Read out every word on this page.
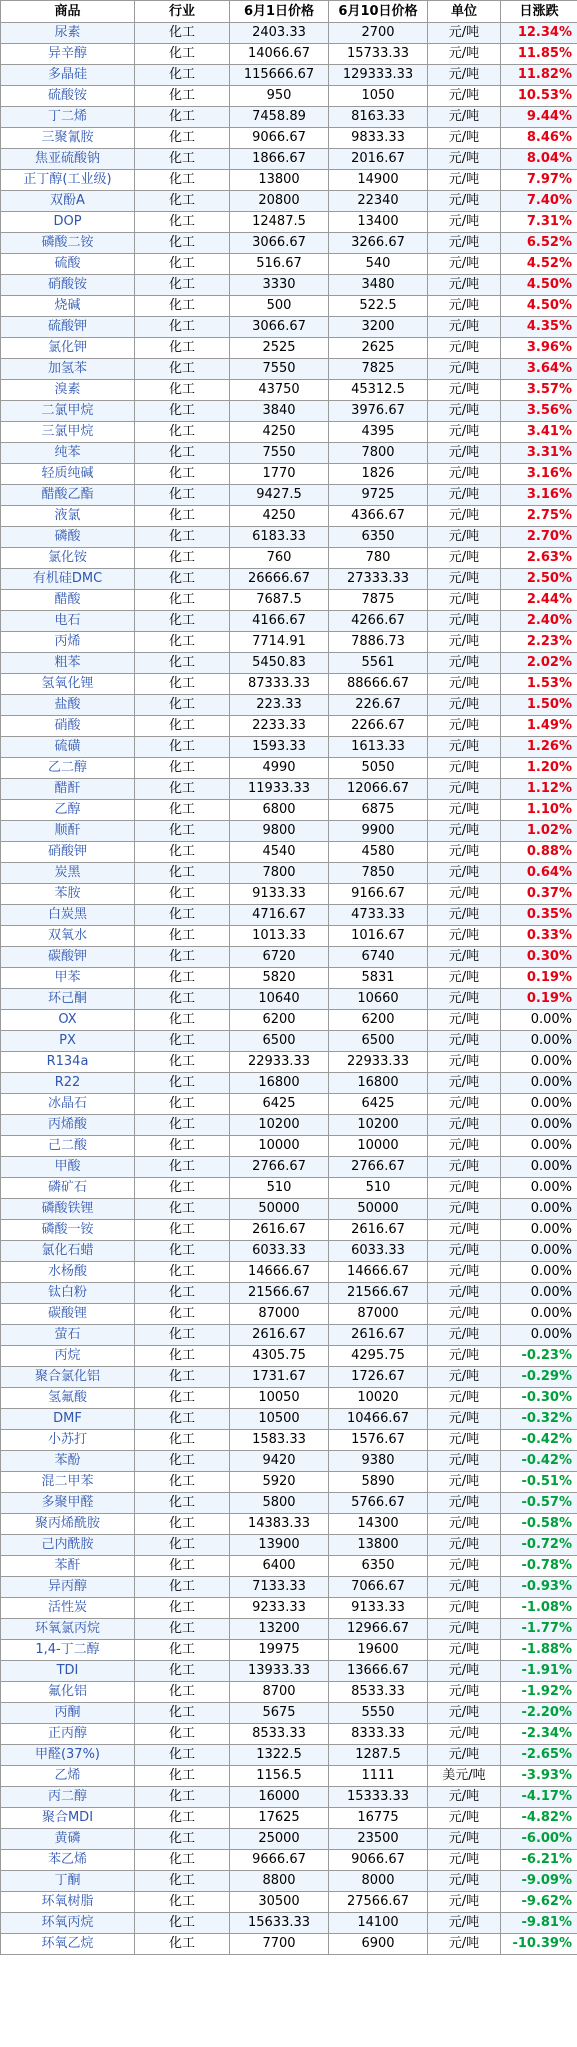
商品	行业	6月1日价格	6月10日价格	单位	日涨跌
尿素	化工	2403.33	2700	元/吨	12.34%
异辛醇	化工	14066.67	15733.33	元/吨	11.85%
多晶硅	化工	115666.67	129333.33	元/吨	11.82%
硫酸铵	化工	950	1050	元/吨	10.53%
丁二烯	化工	7458.89	8163.33	元/吨	9.44%
三聚氰胺	化工	9066.67	9833.33	元/吨	8.46%
焦亚硫酸钠	化工	1866.67	2016.67	元/吨	8.04%
正丁醇(工业级)	化工	13800	14900	元/吨	7.97%
双酚A	化工	20800	22340	元/吨	7.40%
DOP	化工	12487.5	13400	元/吨	7.31%
磷酸二铵	化工	3066.67	3266.67	元/吨	6.52%
硫酸	化工	516.67	540	元/吨	4.52%
硝酸铵	化工	3330	3480	元/吨	4.50%
烧碱	化工	500	522.5	元/吨	4.50%
硫酸钾	化工	3066.67	3200	元/吨	4.35%
氯化钾	化工	2525	2625	元/吨	3.96%
加氢苯	化工	7550	7825	元/吨	3.64%
溴素	化工	43750	45312.5	元/吨	3.57%
二氯甲烷	化工	3840	3976.67	元/吨	3.56%
三氯甲烷	化工	4250	4395	元/吨	3.41%
纯苯	化工	7550	7800	元/吨	3.31%
轻质纯碱	化工	1770	1826	元/吨	3.16%
醋酸乙酯	化工	9427.5	9725	元/吨	3.16%
液氯	化工	4250	4366.67	元/吨	2.75%
磷酸	化工	6183.33	6350	元/吨	2.70%
氯化铵	化工	760	780	元/吨	2.63%
有机硅DMC	化工	26666.67	27333.33	元/吨	2.50%
醋酸	化工	7687.5	7875	元/吨	2.44%
电石	化工	4166.67	4266.67	元/吨	2.40%
丙烯	化工	7714.91	7886.73	元/吨	2.23%
粗苯	化工	5450.83	5561	元/吨	2.02%
氢氧化锂	化工	87333.33	88666.67	元/吨	1.53%
盐酸	化工	223.33	226.67	元/吨	1.50%
硝酸	化工	2233.33	2266.67	元/吨	1.49%
硫磺	化工	1593.33	1613.33	元/吨	1.26%
乙二醇	化工	4990	5050	元/吨	1.20%
醋酐	化工	11933.33	12066.67	元/吨	1.12%
乙醇	化工	6800	6875	元/吨	1.10%
顺酐	化工	9800	9900	元/吨	1.02%
硝酸钾	化工	4540	4580	元/吨	0.88%
炭黑	化工	7800	7850	元/吨	0.64%
苯胺	化工	9133.33	9166.67	元/吨	0.37%
白炭黑	化工	4716.67	4733.33	元/吨	0.35%
双氧水	化工	1013.33	1016.67	元/吨	0.33%
碳酸钾	化工	6720	6740	元/吨	0.30%
甲苯	化工	5820	5831	元/吨	0.19%
环己酮	化工	10640	10660	元/吨	0.19%
OX	化工	6200	6200	元/吨	0.00%
PX	化工	6500	6500	元/吨	0.00%
R134a	化工	22933.33	22933.33	元/吨	0.00%
R22	化工	16800	16800	元/吨	0.00%
冰晶石	化工	6425	6425	元/吨	0.00%
丙烯酸	化工	10200	10200	元/吨	0.00%
己二酸	化工	10000	10000	元/吨	0.00%
甲酸	化工	2766.67	2766.67	元/吨	0.00%
磷矿石	化工	510	510	元/吨	0.00%
磷酸铁锂	化工	50000	50000	元/吨	0.00%
磷酸一铵	化工	2616.67	2616.67	元/吨	0.00%
氯化石蜡	化工	6033.33	6033.33	元/吨	0.00%
水杨酸	化工	14666.67	14666.67	元/吨	0.00%
钛白粉	化工	21566.67	21566.67	元/吨	0.00%
碳酸锂	化工	87000	87000	元/吨	0.00%
萤石	化工	2616.67	2616.67	元/吨	0.00%
丙烷	化工	4305.75	4295.75	元/吨	-0.23%
聚合氯化铝	化工	1731.67	1726.67	元/吨	-0.29%
氢氟酸	化工	10050	10020	元/吨	-0.30%
DMF	化工	10500	10466.67	元/吨	-0.32%
小苏打	化工	1583.33	1576.67	元/吨	-0.42%
苯酚	化工	9420	9380	元/吨	-0.42%
混二甲苯	化工	5920	5890	元/吨	-0.51%
多聚甲醛	化工	5800	5766.67	元/吨	-0.57%
聚丙烯酰胺	化工	14383.33	14300	元/吨	-0.58%
己内酰胺	化工	13900	13800	元/吨	-0.72%
苯酐	化工	6400	6350	元/吨	-0.78%
异丙醇	化工	7133.33	7066.67	元/吨	-0.93%
活性炭	化工	9233.33	9133.33	元/吨	-1.08%
环氧氯丙烷	化工	13200	12966.67	元/吨	-1.77%
1,4-丁二醇	化工	19975	19600	元/吨	-1.88%
TDI	化工	13933.33	13666.67	元/吨	-1.91%
氟化铝	化工	8700	8533.33	元/吨	-1.92%
丙酮	化工	5675	5550	元/吨	-2.20%
正丙醇	化工	8533.33	8333.33	元/吨	-2.34%
甲醛(37%)	化工	1322.5	1287.5	元/吨	-2.65%
乙烯	化工	1156.5	1111	美元/吨	-3.93%
丙二醇	化工	16000	15333.33	元/吨	-4.17%
聚合MDI	化工	17625	16775	元/吨	-4.82%
黄磷	化工	25000	23500	元/吨	-6.00%
苯乙烯	化工	9666.67	9066.67	元/吨	-6.21%
丁酮	化工	8800	8000	元/吨	-9.09%
环氧树脂	化工	30500	27566.67	元/吨	-9.62%
环氧丙烷	化工	15633.33	14100	元/吨	-9.81%
环氧乙烷	化工	7700	6900	元/吨	-10.39%
